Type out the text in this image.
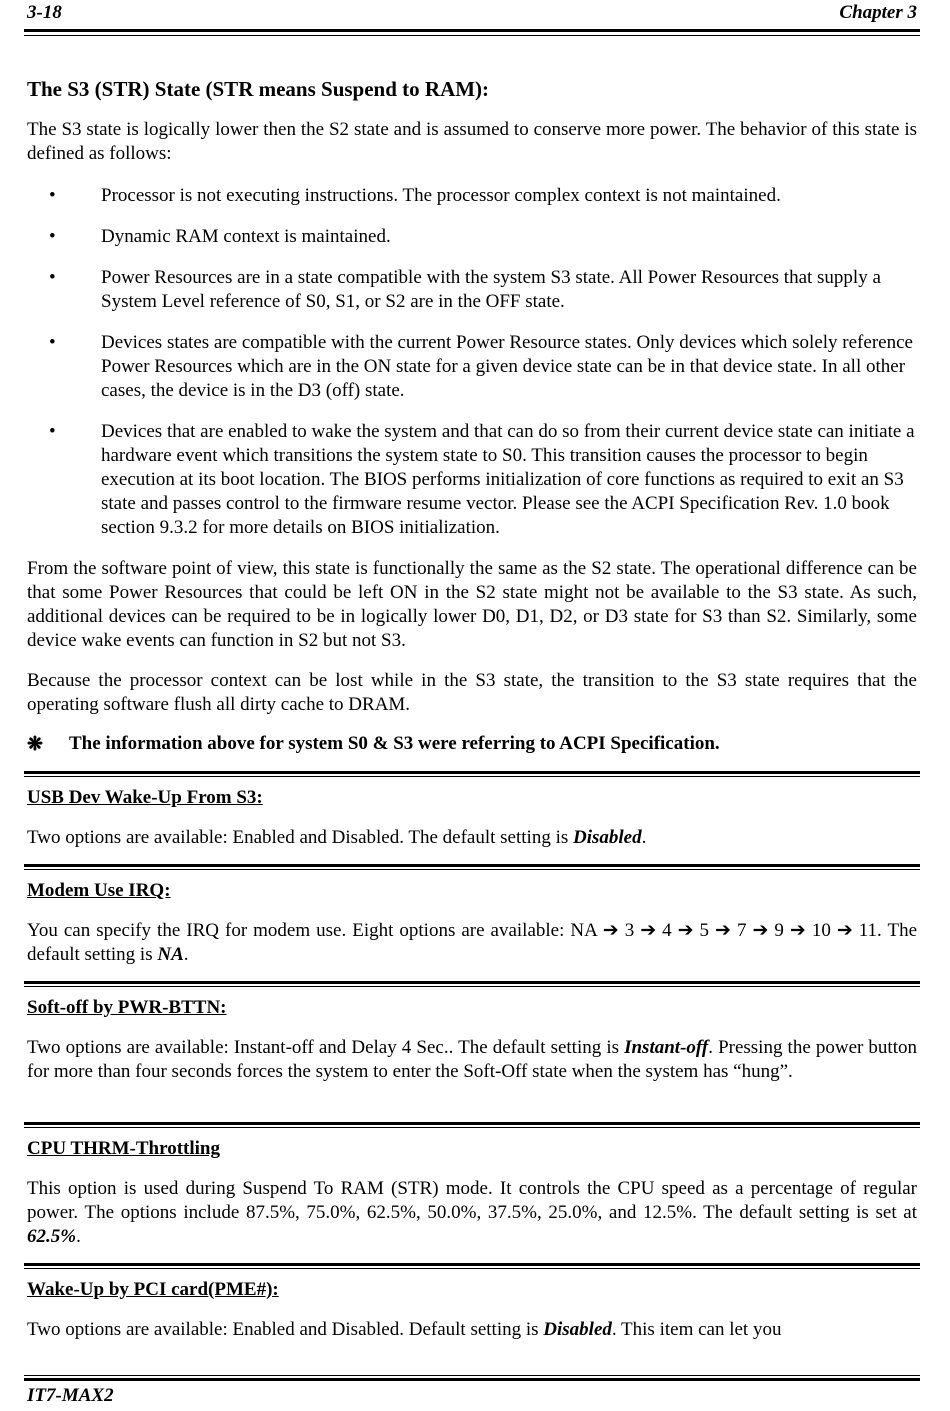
3-18	Chapter 3
The S3 (STR) State (STR means Suspend to RAM):
The S3 state is logically lower then the S2 state and is assumed to conserve more power. The behavior of this state is defined as follows:
• Processor is not executing instructions. The processor complex context is not maintained.
• Dynamic RAM context is maintained.
• Power Resources are in a state compatible with the system S3 state. All Power Resources that supply a System Level reference of S0, S1, or S2 are in the OFF state.
• Devices states are compatible with the current Power Resource states. Only devices which solely reference Power Resources which are in the ON state for a given device state can be in that device state. In all other cases, the device is in the D3 (off) state.
• Devices that are enabled to wake the system and that can do so from their current device state can initiate a hardware event which transitions the system state to S0. This transition causes the processor to begin execution at its boot location. The BIOS performs initialization of core functions as required to exit an S3 state and passes control to the firmware resume vector. Please see the ACPI Specification Rev. 1.0 book section 9.3.2 for more details on BIOS initialization.
From the software point of view, this state is functionally the same as the S2 state. The operational difference can be that some Power Resources that could be left ON in the S2 state might not be available to the S3 state. As such, additional devices can be required to be in logically lower D0, D1, D2, or D3 state for S3 than S2. Similarly, some device wake events can function in S2 but not S3.
Because the processor context can be lost while in the S3 state, the transition to the S3 state requires that the operating software flush all dirty cache to DRAM.
❋ The information above for system S0 & S3 were referring to ACPI Specification.
USB Dev Wake-Up From S3:
Two options are available: Enabled and Disabled. The default setting is Disabled.
Modem Use IRQ:
You can specify the IRQ for modem use. Eight options are available: NA ➔ 3 ➔ 4 ➔ 5 ➔ 7 ➔ 9 ➔ 10 ➔ 11. The default setting is NA.
Soft-off by PWR-BTTN:
Two options are available: Instant-off and Delay 4 Sec.. The default setting is Instant-off. Pressing the power button for more than four seconds forces the system to enter the Soft-Off state when the system has “hung”.
CPU THRM-Throttling
This option is used during Suspend To RAM (STR) mode. It controls the CPU speed as a percentage of regular power. The options include 87.5%, 75.0%, 62.5%, 50.0%, 37.5%, 25.0%, and 12.5%. The default setting is set at 62.5%.
Wake-Up by PCI card(PME#):
Two options are available: Enabled and Disabled. Default setting is Disabled. This item can let you
IT7-MAX2
